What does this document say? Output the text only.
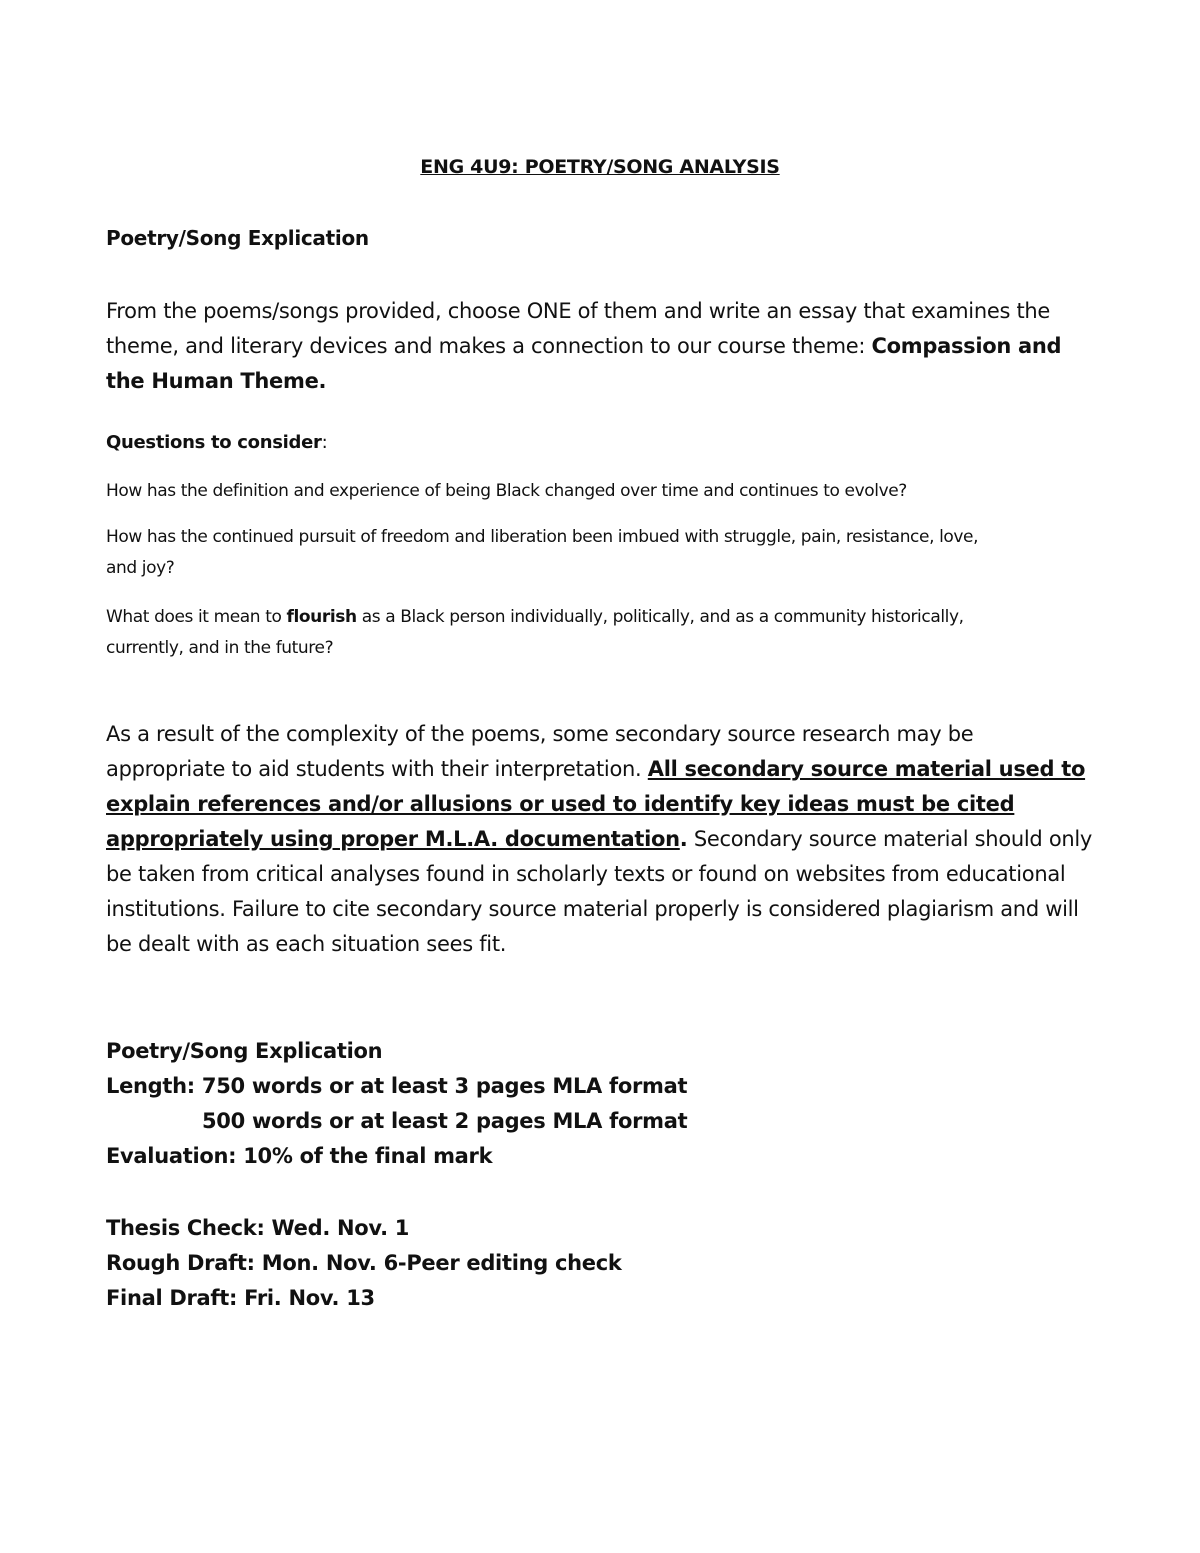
ENG 4U9: POETRY/SONG ANALYSIS
Poetry/Song Explication
From the poems/songs provided, choose ONE of them and write an essay that examines the theme, and literary devices and makes a connection to our course theme: Compassion and the Human Theme.
Questions to consider:

How has the definition and experience of being Black changed over time and continues to evolve?

How has the continued pursuit of freedom and liberation been imbued with struggle, pain, resistance, love, and joy?

What does it mean to flourish as a Black person individually, politically, and as a community historically, currently, and in the future?

As a result of the complexity of the poems, some secondary source research may be appropriate to aid students with their interpretation. All secondary source material used to explain references and/or allusions or used to identify key ideas must be cited appropriately using proper M.L.A. documentation. Secondary source material should only be taken from critical analyses found in scholarly texts or found on websites from educational institutions. Failure to cite secondary source material properly is considered plagiarism and will be dealt with as each situation sees fit.
Poetry/Song Explication
Length: 750 words or at least 3 pages MLA format
500 words or at least 2 pages MLA format
Evaluation: 10% of the final mark
Thesis Check: Wed. Nov. 1
Rough Draft: Mon. Nov. 6-Peer editing check
Final Draft: Fri. Nov. 13
